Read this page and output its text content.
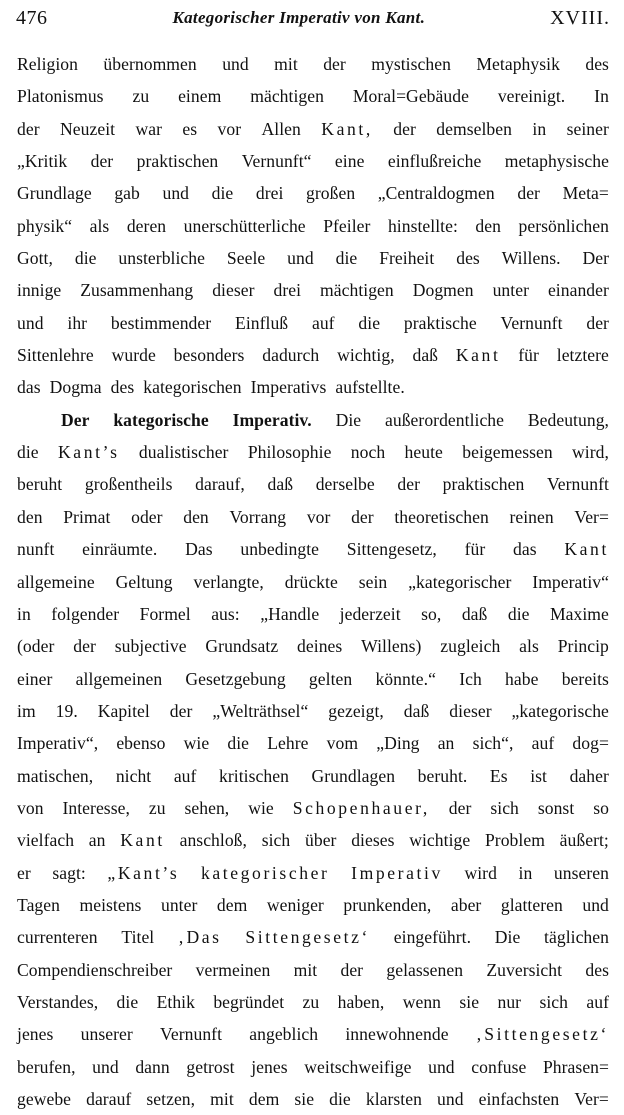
476	Kategorischer Imperativ von Kant.	XVIII.
Religion übernommen und mit der mystischen Metaphysik des
Platonismus zu einem mächtigen Moral=Gebäude vereinigt. In
der Neuzeit war es vor Allen Kant, der demselben in seiner
„Kritik der praktischen Vernunft“ eine einflußreiche metaphysische
Grundlage gab und die drei großen „Centraldogmen der Meta=
physik“ als deren unerschütterliche Pfeiler hinstellte: den persönlichen
Gott, die unsterbliche Seele und die Freiheit des Willens. Der
innige Zusammenhang dieser drei mächtigen Dogmen unter einander
und ihr bestimmender Einfluß auf die praktische Vernunft der
Sittenlehre wurde besonders dadurch wichtig, daß Kant für letztere
das Dogma des kategorischen Imperativs aufstellte.
Der kategorische Imperativ. Die außerordentliche Bedeutung,
die Kant’s dualistischer Philosophie noch heute beigemessen wird,
beruht großentheils darauf, daß derselbe der praktischen Vernunft
den Primat oder den Vorrang vor der theoretischen reinen Ver=
nunft einräumte. Das unbedingte Sittengesetz, für das Kant
allgemeine Geltung verlangte, drückte sein „kategorischer Imperativ“
in folgender Formel aus: „Handle jederzeit so, daß die Maxime
(oder der subjective Grundsatz deines Willens) zugleich als Princip
einer allgemeinen Gesetzgebung gelten könnte.“ Ich habe bereits
im 19. Kapitel der „Welträthsel“ gezeigt, daß dieser „kategorische
Imperativ“, ebenso wie die Lehre vom „Ding an sich“, auf dog=
matischen, nicht auf kritischen Grundlagen beruht. Es ist daher
von Interesse, zu sehen, wie Schopenhauer, der sich sonst so
vielfach an Kant anschloß, sich über dieses wichtige Problem äußert;
er sagt: „Kant’s kategorischer Imperativ wird in unseren
Tagen meistens unter dem weniger prunkenden, aber glatteren und
currenteren Titel ‚Das Sittengesetz‘ eingeführt. Die täglichen
Compendienschreiber vermeinen mit der gelassenen Zuversicht des
Verstandes, die Ethik begründet zu haben, wenn sie nur sich auf
jenes unserer Vernunft angeblich innewohnende ‚Sittengesetz‘
berufen, und dann getrost jenes weitschweifige und confuse Phrasen=
gewebe darauf setzen, mit dem sie die klarsten und einfachsten Ver=
